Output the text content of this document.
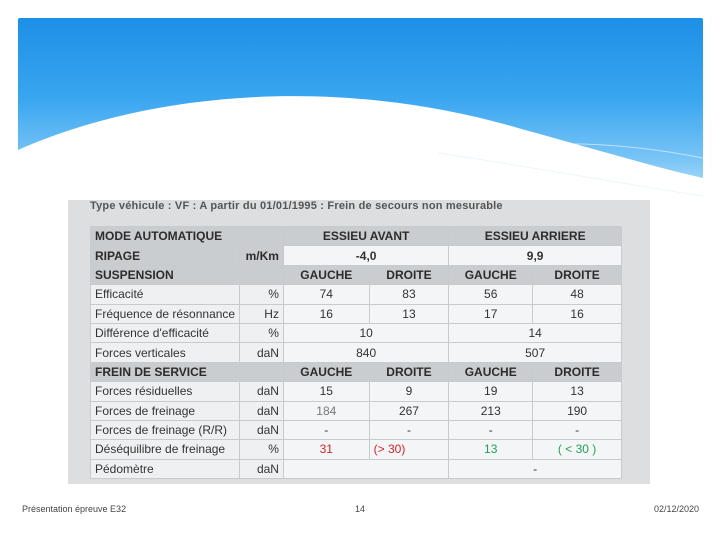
Type véhicule : VF : A partir du 01/01/1995 : Frein de secours non mesurable
MODE AUTOMATIQUE		ESSIEU AVANT		ESSIEU ARRIERE	
RIPAGE	m/Km	-4,0		9,9	
SUSPENSION		GAUCHE	DROITE	GAUCHE	DROITE
Efficacité	%	74	83	56	48
Fréquence de résonnance	Hz	16	13	17	16
Différence d'efficacité	%	10		14	
Forces verticales	daN	840		507	
FREIN DE SERVICE		GAUCHE	DROITE	GAUCHE	DROITE
Forces résiduelles	daN	15	9	19	13
Forces de freinage	daN	184	267	213	190
Forces de freinage (R/R)	daN	-	-	-	-
Déséquilibre de freinage	%	31	(> 30)	13	( < 30 )
Pédomètre	daN			-	
Présentation épreuve E32	14	02/12/2020
